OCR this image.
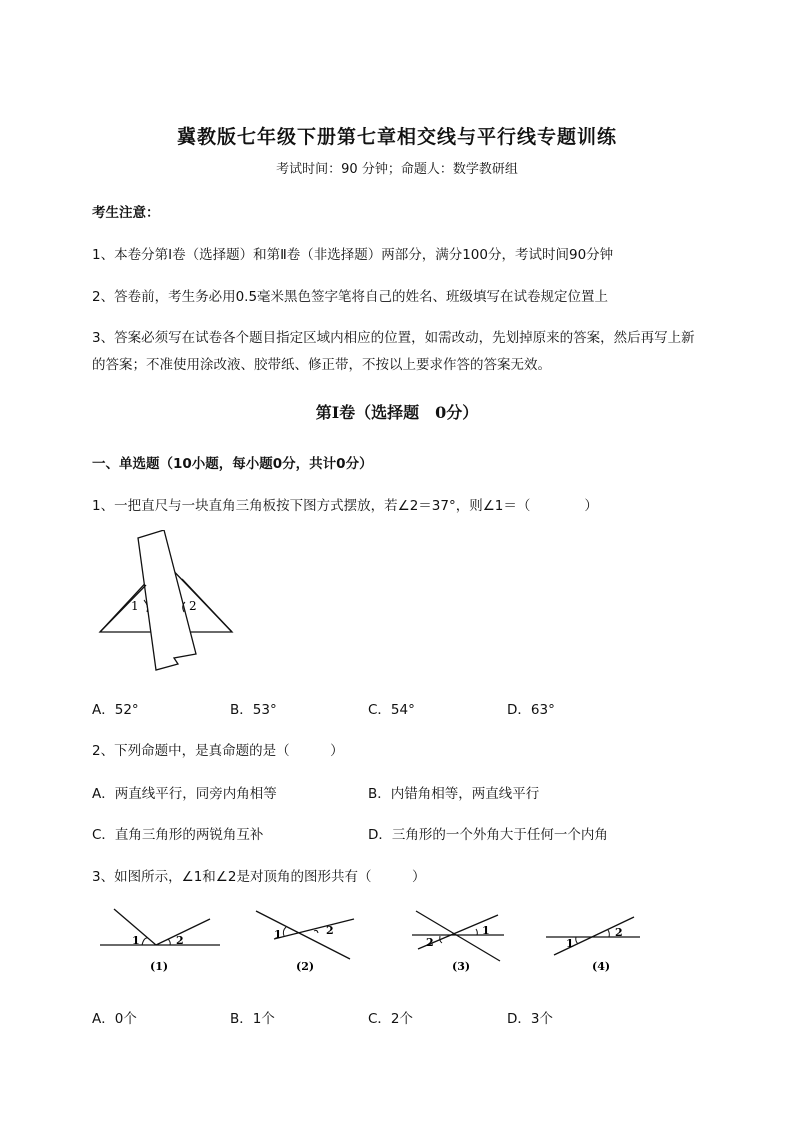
冀教版七年级下册第七章相交线与平行线专题训练
考试时间：90 分钟；命题人：数学教研组
考生注意：
1、本卷分第Ⅰ卷（选择题）和第Ⅱ卷（非选择题）两部分，满分100分，考试时间90分钟
2、答卷前，考生务必用0.5毫米黑色签字笔将自己的姓名、班级填写在试卷规定位置上
3、答案必须写在试卷各个题目指定区域内相应的位置，如需改动，先划掉原来的答案，然后再写上新
的答案；不准使用涂改液、胶带纸、修正带，不按以上要求作答的答案无效。
第Ⅰ卷（选择题　0分）
一、单选题（10小题，每小题0分，共计0分）
1、一把直尺与一块直角三角板按下图方式摆放，若∠2＝37°，则∠1＝（　　　　）
1	2
A．52°	B．53°	C．54°	D．63°
2、下列命题中，是真命题的是（　　　）
A．两直线平行，同旁内角相等	B．内错角相等，两直线平行
C．直角三角形的两锐角互补	D．三角形的一个外角大于任何一个内角
3、如图所示，∠1和∠2是对顶角的图形共有（　　　）
1	2
(1)
1	2
(2)
2
1
(3)
1
2
(4)
A．0个	B．1个	C．2个	D．3个
